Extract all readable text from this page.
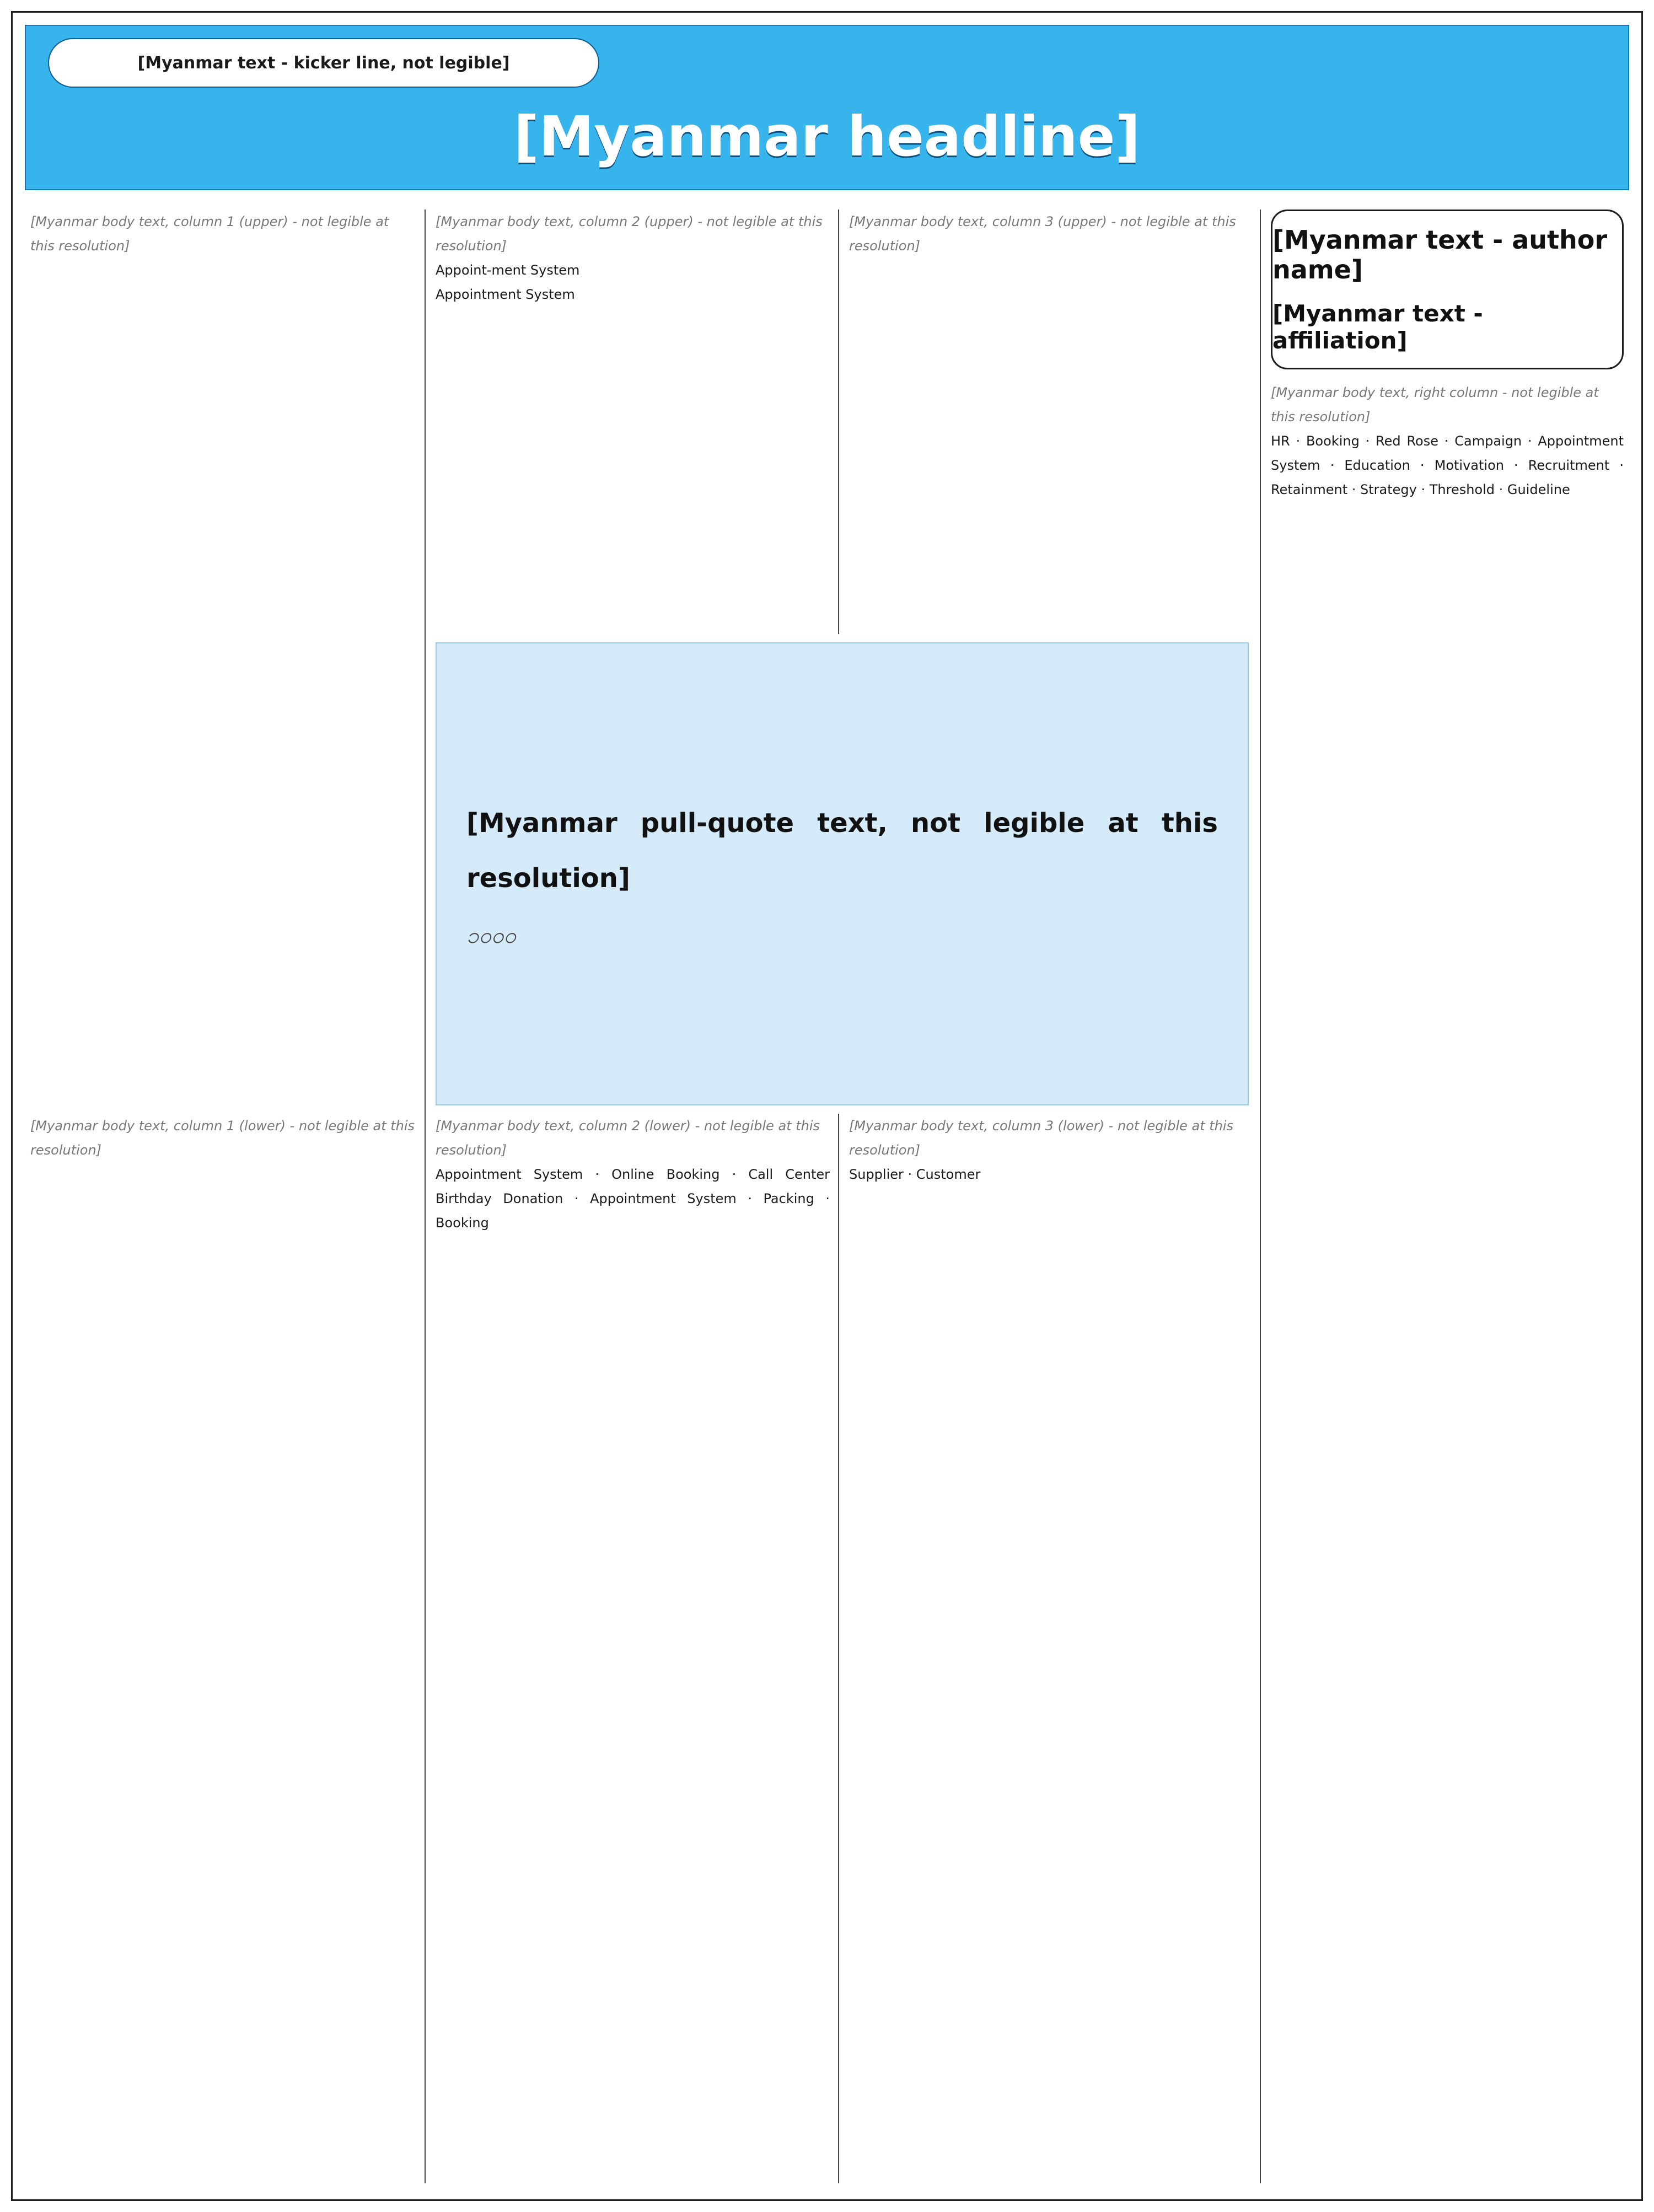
[Myanmar text - kicker line, not legible]
[Myanmar headline]
[Myanmar text - author name]
[Myanmar text - affiliation]
[Myanmar body text, column 1 (upper) - not legible at this resolution]
[Myanmar body text, column 2 (upper) - not legible at this resolution]

Appoint-ment System

Appointment System

[Myanmar body text, column 3 (upper) - not legible at this resolution]

[Myanmar pull-quote text, not legible at this resolution]
၁၀၀၀

[Myanmar body text, right column - not legible at this resolution]

HR · Booking · Red Rose · Campaign · Appointment System · Education · Motivation · Recruitment · Retainment · Strategy · Threshold · Guideline

[Myanmar body text, column 1 (lower) - not legible at this resolution]
[Myanmar body text, column 2 (lower) - not legible at this resolution]

Appointment System · Online Booking · Call Center Birthday Donation · Appointment System · Packing · Booking

[Myanmar body text, column 3 (lower) - not legible at this resolution]

Supplier · Customer
